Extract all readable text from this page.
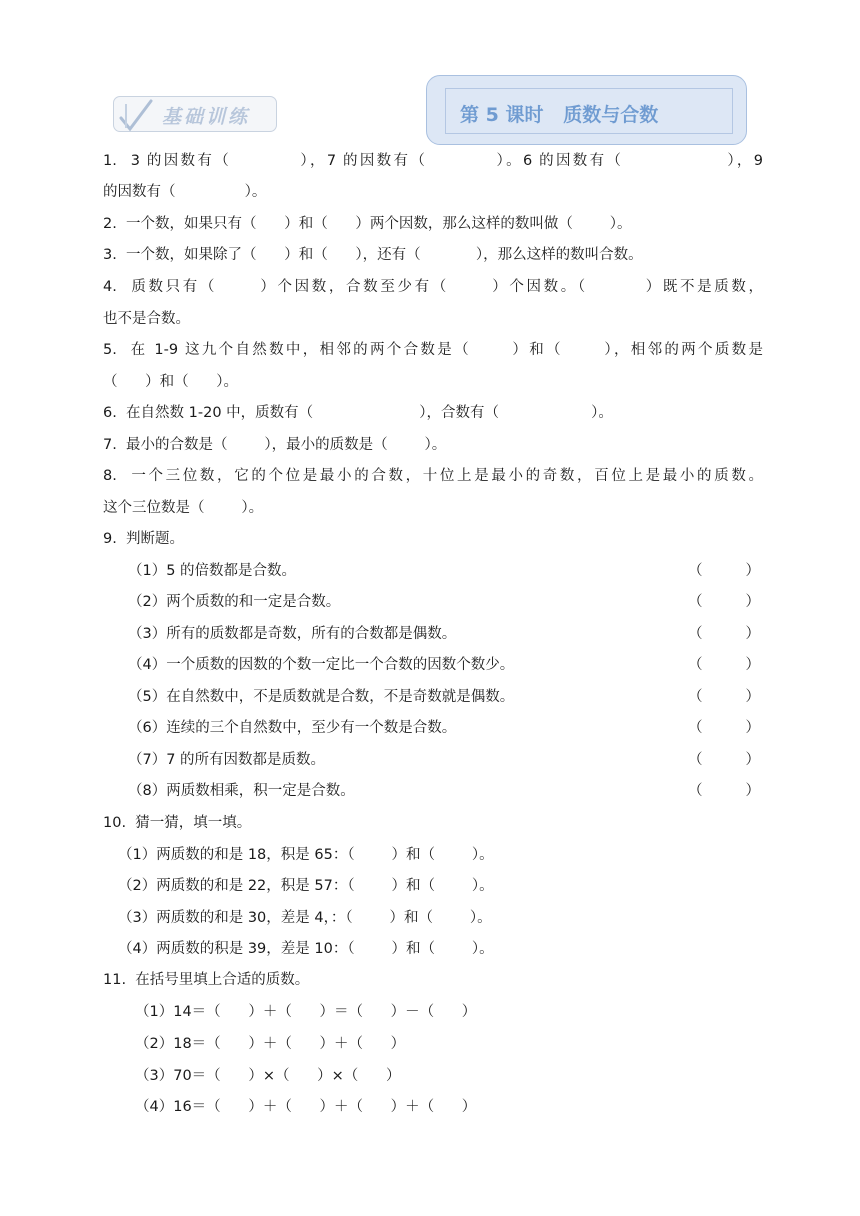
基础训练	第 5 课时   质数与合数
1.  3 的因数有（          ），7 的因数有（          ）。6 的因数有（               ），9
的因数有（               ）。
2.  一个数，如果只有（      ）和（      ）两个因数，那么这样的数叫做（        ）。
3.  一个数，如果除了（      ）和（      ），还有（            ），那么这样的数叫合数。
4.  质数只有（      ）个因数，合数至少有（      ）个因数。（        ）既不是质数，
也不是合数。
5.  在 1-9 这九个自然数中，相邻的两个合数是（      ）和（      ），相邻的两个质数是
（      ）和（      ）。
6.  在自然数 1-20 中，质数有（                       ），合数有（                    ）。
7.  最小的合数是（        ），最小的质数是（        ）。
8.  一个三位数，它的个位是最小的合数，十位上是最小的奇数，百位上是最小的质数。
这个三位数是（        ）。
9.  判断题。
（1）5 的倍数都是合数。	（      ）
（2）两个质数的和一定是合数。	（      ）
（3）所有的质数都是奇数，所有的合数都是偶数。	（      ）
（4）一个质数的因数的个数一定比一个合数的因数个数少。	（      ）
（5）在自然数中，不是质数就是合数，不是奇数就是偶数。	（      ）
（6）连续的三个自然数中，至少有一个数是合数。	（      ）
（7）7 的所有因数都是质数。	（      ）
（8）两质数相乘，积一定是合数。	（      ）
10.  猜一猜，填一填。
（1）两质数的和是 18，积是 65：（        ）和（        ）。
（2）两质数的和是 22，积是 57：（        ）和（        ）。
（3）两质数的和是 30，差是 4，：（        ）和（        ）。
（4）两质数的积是 39，差是 10：（        ）和（        ）。
11.  在括号里填上合适的质数。
（1）14＝（      ）＋（      ）＝（      ）－（      ）
（2）18＝（      ）＋（      ）＋（      ）
（3）70＝（      ）×（      ）×（      ）
（4）16＝（      ）＋（      ）＋（      ）＋（      ）
